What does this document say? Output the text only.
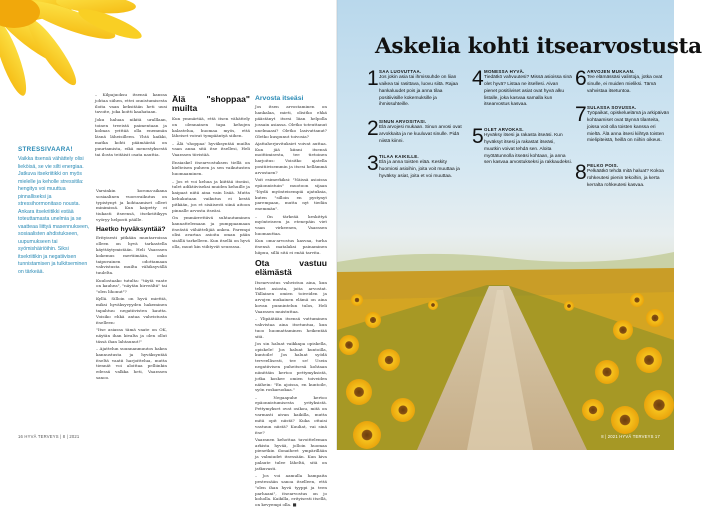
STRESSIVAARA!
Vaikka itsensä vähättely olisi lieköisä, se vie silti energiaa. Jatkuva itsekriitikki on myös mielelle ja keholle stressitila: hengitys voi muuttua pinnalliseksi ja stressihormonitaso nousta. Ankara itsekriitikki estää toteuttamasta unelmia ja se vaatteaa liittyä masennukseen, sosiaalisten ahdistukseen, uupumukseen tai syömishäiriöihin. Siksi itsekriitikin ja negatiivisen tunnistamisen ja tulkitseminen on tärkeää.

– Kilpajuoksu itsensä kanssa johtaa siihen, ettei onnistumisesta iloita vaan keksitään heti uusi tavoite, joka koitti kaahataan.

Joku haluaa nikitä uralllaan, toinen treeistä paimentaan ja kolmas yrittää olla enemmän läsnä läheisilleen. Yhtä kaikki, matka kohti päämäärää on puurtamista, eikä menestyksestä tai ilosta teitäisit osata nauttia.

Varsinkin korona-aikana sosiaalinen vuorovaikutus on typistynyt ja kohtaamiset olleet minimissä. Kun kaipetty ei tiukasti itseensä, itsekriitikyys vyöryy helposti päälle.

Haetko hyväksyntää?

Erityisesti pitkään muutarroissa olleen on hyvä tarkastella käyttäytymistään. Heli Vaarasen kokemus mertiimään, onko taipuvainen odottamaan vahvistusta muilta vähiksyvällä tuulelta.

Kuulostaako tutulta: "täytä vaate on kauhea", "näytän hirveältä" tai "olen lihonut"?

Kyllä. Silloin on hyvä miettiä, miksi hyväksyvyyden hakeminen tapahtuu negatiivisten kautta. Voisiko ehkä antaa vahvistusta itselleen:

"Itse asiassa tämä vaate on OK, näytän ihan kivalta ja olen ollut tässä ihan lahtaunut!"

– Ajattelun suunnanmuutos hakea kannustusta ja hyväksyntää itseltä vaatii harjoittelua, mutta tiennät voi aloittaa pelliinkin edessä valkka heti, Vaarasen sanoo.

Älä "shoppaa" muilta

Kun ymmärtää, että itsen vähättely on olennainen tapa kehujen kalastelua, huomaa myös, että läheiset voivat tympääntyä siihen.

– Älä 'shoppaa' hyväksyntää muilta vaan anna sitä itse itsellesi, Heli Vaarasen tiivistää.

Ensiaskel itsearvostuksen tiellä on kielteisen puheen ja sen vaikutusten huomaaminen.

– Jos et voi kehua ja kiittää itseäsi, tulet adiktiiviseksi muiden kehuille ja kaipaat niitä aina vain lisää. Mutta kehukutaan vaikutus ei kestä pitkään, jos et sisäisesti siinä aitoon pinnalle arvosta itseäsi.

On ymmärrettävä suhtautuminen kannattelemaan ja pumppaamaan itseästä vähättelijää ankea. Parempi olisi avartaa asioita oman pään sisällä tarkelleen. Kun itsellä on hyvä olla, muut kin viihtyvät seurassa.

Arvosta itseäsi

Jos itsen arvostaminen on hankalaa, mieti, olisitko ehkä päästänyt itsesi liian helpolla jossain asiassa. Oletko toteuttanut unelmaasi? Oletko lasivuttanut? Oletko kuspunut toivosia?

Ajattaherjuvituksiet voivat auttaa. Kun jää kiinni itsensä moittimisesta, tee tietoinen harjoitus: Voisitko ajatella positiivisemmin ja itsesi hellämmä arvostaen?

Voit esimerkiksi: "Näissä asioissa epäonnistuin" muotoon sijaan "löydä myönteisempiä ajatuksia, kuten "silloin en pystynyt parempaan, mutta nyt tiedän enemmän".

– On tärkeää keskittyä myönteiseen ja etenepäin viet vaan virkeenen, Vaarasen huomauttaa.

Kun oma-arvostus kasvaa, turha itsensä matalaksi painaminen hiipuu, sillä sitä ei enää tarvita.

Ota vastuu elämästä

Itsearvostus vahvistuu aina, kun teket asiosta, joita arvostat. Tällainen omien toiveiden ja arvojen mukainen elämä on aina kovan punnintelun tulos, Heli Vaarasen muistuttaa.

– Ylipäätään itsensä vuttuminen vahvistaa aina itsetuntua, kun tuoo huomattaminen heikentää sitä.

Jos sin haluat vaikkapa opiskella, opiskele! Jos haluat kuntoilla, kuntoile! Jos haluat syödä terveellisesti, tee se! Usein negatiivisen puheitsesä kohtaan niinittäin kertoo pettymyksistä, jotka koskee omien toiveiden näihein: "En ajoissa, en kuntoile, syön roskaruokaa."

– Negaapuhe kertoo epäonnistumisesta yrityksistä. Pettymykset ovat osikou, mitä on varmasti aivan kaikilla, mutta mitä opit niistä? Kuka ottaisi vastuun niistä? Kuuliat, vai sinä itse?

Vaaranen kehottaa tavoitteleman arkista hyvää, jolloin huomaa pienetkin ilonaiheet ympärillään ja valmiudet itsessään. Kun kiva palaute tulee läheltä, sitä on jatkuvasti.

– Jos voi aamulla hampaita pestessään sanoa itselleen, että "olen ihan hyvä tyyppi ja teen parhaani", itsearvostus on jo koholla. Kaikilla, erityisesti itsellä, on kevyempi olla. ■

16 HYVÄ TERVEYS | 8 | 2021
Askelia kohti itsearvostusta
1 SAA LUOVUTTAA.
Jos jokin asia tai ihmissuhde on liian vaikea tai rasittava, luovu siitä. Rajaa hankaluudet pois ja anna tilaa positiivisille kokemuksille ja ihmissuhteille.
2 SINUN ARVOSITASI.
Elä arvojesi mukaan. Sinun arvosi ovat arvokkaita ja ne kuuluvat sinulle. Pidä niistä kiinni.
3 TILAA KAIKILLE.
Elä ja anna toisten elää. Keskity huomiosi asioihin, joita voit muuttaa ja hyväksy asiat, joita et voi muuttaa.
4 MONESSA HYVÄ.
Tiedätkö vahvuutesi? Missä asioissa sinä olet hyvä? Listaa ne itsellesi. Aivan pienet positiiviset asiat ovat hyvä alku listalle, joka kasvaa samalla kun itsearvostus kasvaa.
5 OLET ARVOKAS.
Hyväksy itsesi ja rakasta itseäsi. Kun hyväksyt itsesi ja rakastat itseäsi, muutkin voivat tehdä sen. Aloita myötätunnolla itseäsi kohtaan, ja anna sen kasvaa arvostukseksi ja rakkaudeksi.
6 ARVOJEN MUKAAN.
Tee elämässäsi valintoja, jotka ovat sinulle, ei muiden mieliksi. Tämä vahvistaa itsetuntoa.
7 SULASSA SOVUSSA.
Työpaikat, opiskeluelämä ja arkipäivän kohtaamiset ovat täynnä tilanteita, joissa voit olla toisten kanssa eri mieltä. Älä anna itsesi kiihtyä toisten mielipiteistä, heillä on niihin oikeus.
8 PELKO POIS.
Pelkäätkö tehdä mitä haluat? Kokoa rohkeutesi pienin tekoihin, ja kerta kerralta rohkeutesi kasvaa.
8 | 2021 HYVÄ TERVEYS 17
